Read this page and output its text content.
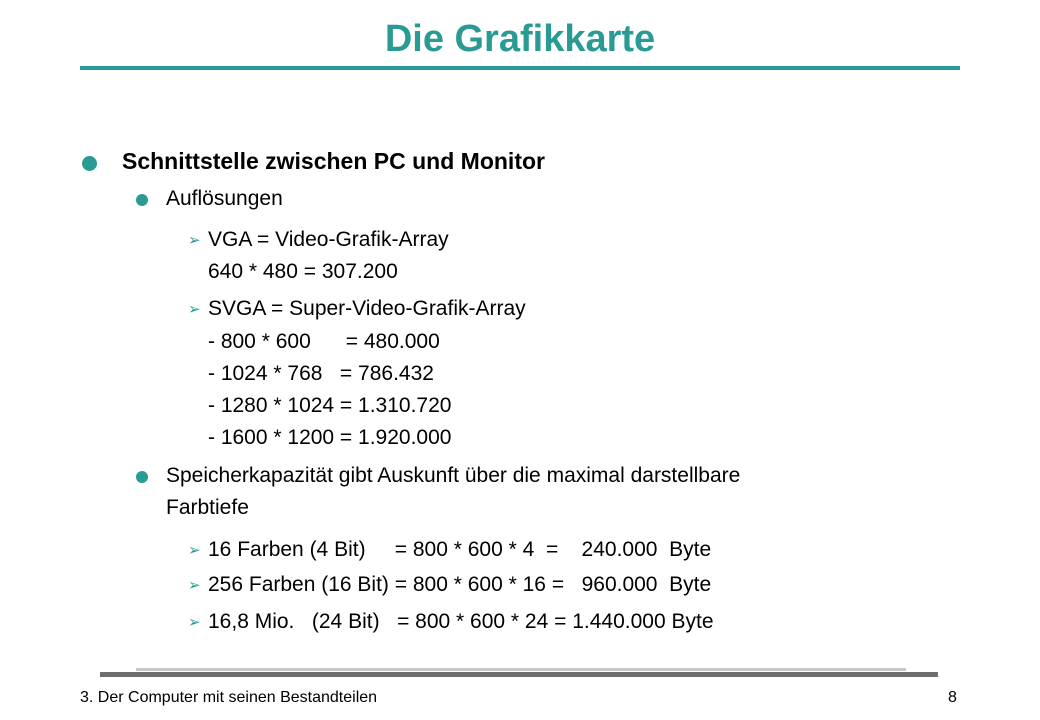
Die Grafikkarte
Schnittstelle zwischen PC und Monitor
Auflösungen
➢ VGA = Video-Grafik-Array
640 * 480 = 307.200
➢ SVGA = Super-Video-Grafik-Array
- 800 * 600      = 480.000
- 1024 * 768   = 786.432
- 1280 * 1024 = 1.310.720
- 1600 * 1200 = 1.920.000
Speicherkapazität gibt Auskunft über die maximal darstellbare
Farbtiefe
➢ 16 Farben (4 Bit)     = 800 * 600 * 4  =    240.000  Byte
➢ 256 Farben (16 Bit) = 800 * 600 * 16 =   960.000  Byte
➢ 16,8 Mio.   (24 Bit)   = 800 * 600 * 24 = 1.440.000 Byte
3. Der Computer mit seinen Bestandteilen	8
